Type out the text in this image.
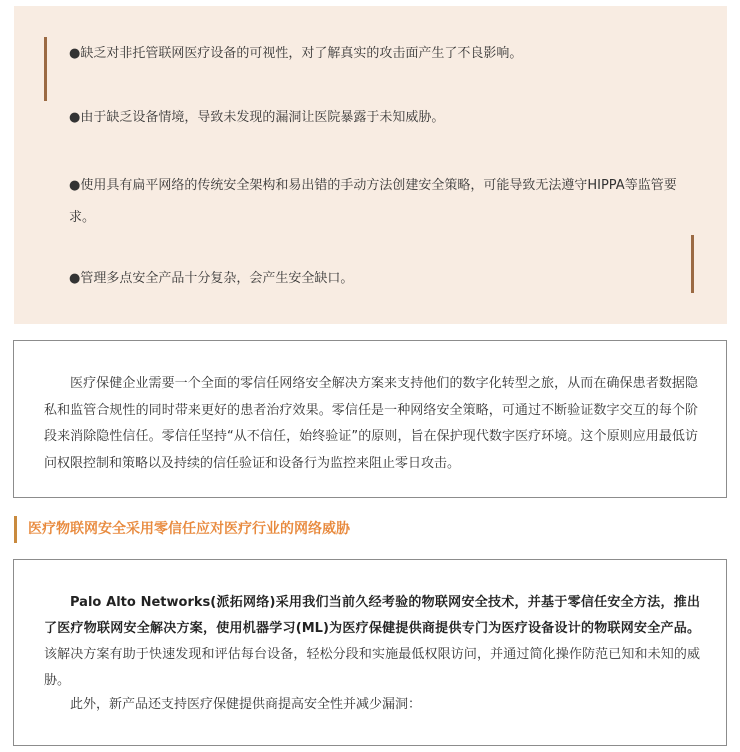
●缺乏对非托管联网医疗设备的可视性，对了解真实的攻击面产生了不良影响。
●由于缺乏设备情境，导致未发现的漏洞让医院暴露于未知威胁。
●使用具有扁平网络的传统安全架构和易出错的手动方法创建安全策略，可能导致无法遵守HIPPA等监管要求。
●管理多点安全产品十分复杂，会产生安全缺口。

医疗保健企业需要一个全面的零信任网络安全解决方案来支持他们的数字化转型之旅，从而在确保患者数据隐私和监管合规性的同时带来更好的患者治疗效果。零信任是一种网络安全策略，可通过不断验证数字交互的每个阶段来消除隐性信任。零信任坚持“从不信任，始终验证”的原则，旨在保护现代数字医疗环境。这个原则应用最低访问权限控制和策略以及持续的信任验证和设备行为监控来阻止零日攻击。

医疗物联网安全采用零信任应对医疗行业的网络威胁

Palo Alto Networks(派拓网络)采用我们当前久经考验的物联网安全技术，并基于零信任安全方法，推出了医疗物联网安全解决方案，使用机器学习(ML)为医疗保健提供商提供专门为医疗设备设计的物联网安全产品。该解决方案有助于快速发现和评估每台设备，轻松分段和实施最低权限访问，并通过简化操作防范已知和未知的威胁。

此外，新产品还支持医疗保健提供商提高安全性并减少漏洞：
